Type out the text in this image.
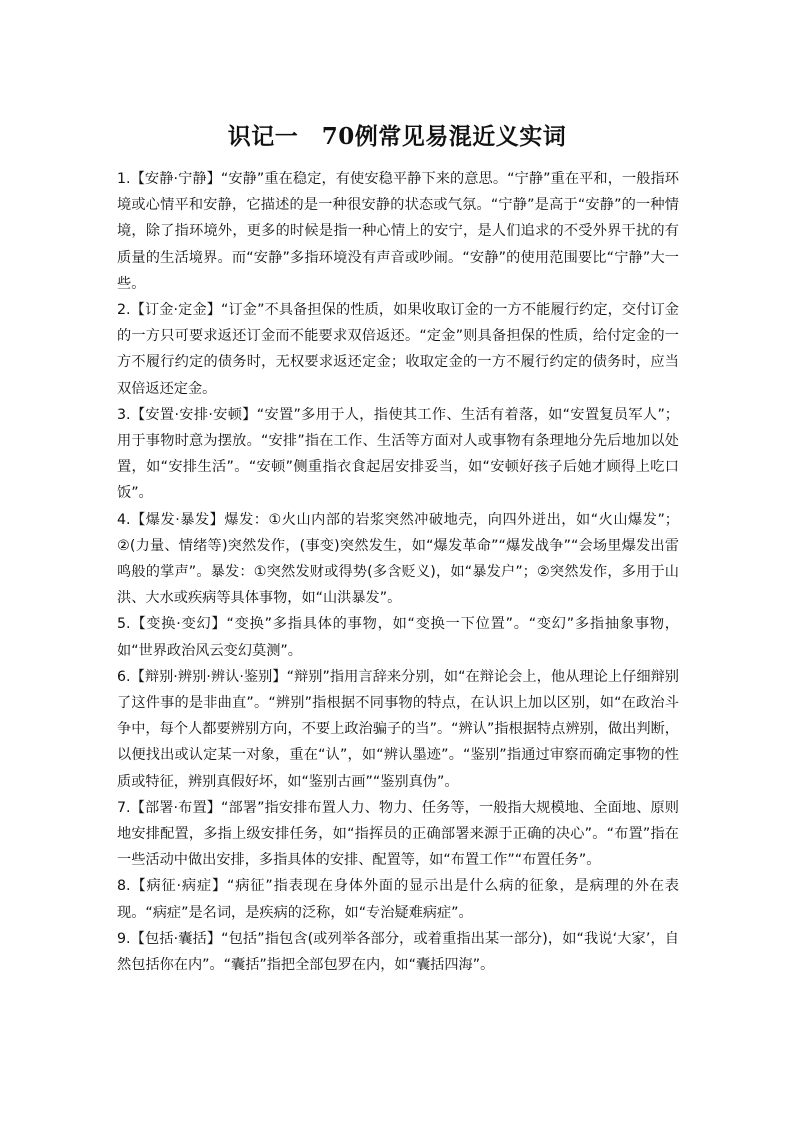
识记一　70例常见易混近义实词

1.【安静·宁静】“安静”重在稳定，有使安稳平静下来的意思。“宁静”重在平和，一般指环境或心情平和安静，它描述的是一种很安静的状态或气氛。“宁静”是高于“安静”的一种情境，除了指环境外，更多的时候是指一种心情上的安宁，是人们追求的不受外界干扰的有质量的生活境界。而“安静”多指环境没有声音或吵闹。“安静”的使用范围要比“宁静”大一些。

2.【订金·定金】“订金”不具备担保的性质，如果收取订金的一方不能履行约定，交付订金的一方只可要求返还订金而不能要求双倍返还。“定金”则具备担保的性质，给付定金的一方不履行约定的债务时，无权要求返还定金；收取定金的一方不履行约定的债务时，应当双倍返还定金。

3.【安置·安排·安顿】“安置”多用于人，指使其工作、生活有着落，如“安置复员军人”；用于事物时意为摆放。“安排”指在工作、生活等方面对人或事物有条理地分先后地加以处置，如“安排生活”。“安顿”侧重指衣食起居安排妥当，如“安顿好孩子后她才顾得上吃口饭”。

4.【爆发·暴发】爆发：①火山内部的岩浆突然冲破地壳，向四外迸出，如“火山爆发”；②(力量、情绪等)突然发作，(事变)突然发生，如“爆发革命”“爆发战争”“会场里爆发出雷鸣般的掌声”。暴发：①突然发财或得势(多含贬义)，如“暴发户”；②突然发作，多用于山洪、大水或疾病等具体事物，如“山洪暴发”。

5.【变换·变幻】“变换”多指具体的事物，如“变换一下位置”。“变幻”多指抽象事物，如“世界政治风云变幻莫测”。

6.【辩别·辨别·辨认·鉴别】“辩别”指用言辞来分别，如“在辩论会上，他从理论上仔细辩别了这件事的是非曲直”。“辨别”指根据不同事物的特点，在认识上加以区别，如“在政治斗争中，每个人都要辨别方向，不要上政治骗子的当”。“辨认”指根据特点辨别，做出判断，以便找出或认定某一对象，重在“认”，如“辨认墨迹”。“鉴别”指通过审察而确定事物的性质或特征，辨别真假好坏，如“鉴别古画”“鉴别真伪”。

7.【部署·布置】“部署”指安排布置人力、物力、任务等，一般指大规模地、全面地、原则地安排配置，多指上级安排任务，如“指挥员的正确部署来源于正确的决心”。“布置”指在一些活动中做出安排，多指具体的安排、配置等，如“布置工作”“布置任务”。

8.【病征·病症】“病征”指表现在身体外面的显示出是什么病的征象，是病理的外在表现。“病症”是名词，是疾病的泛称，如“专治疑难病症”。

9.【包括·囊括】“包括”指包含(或列举各部分，或着重指出某一部分)，如“我说‘大家’，自然包括你在内”。“囊括”指把全部包罗在内，如“囊括四海”。
